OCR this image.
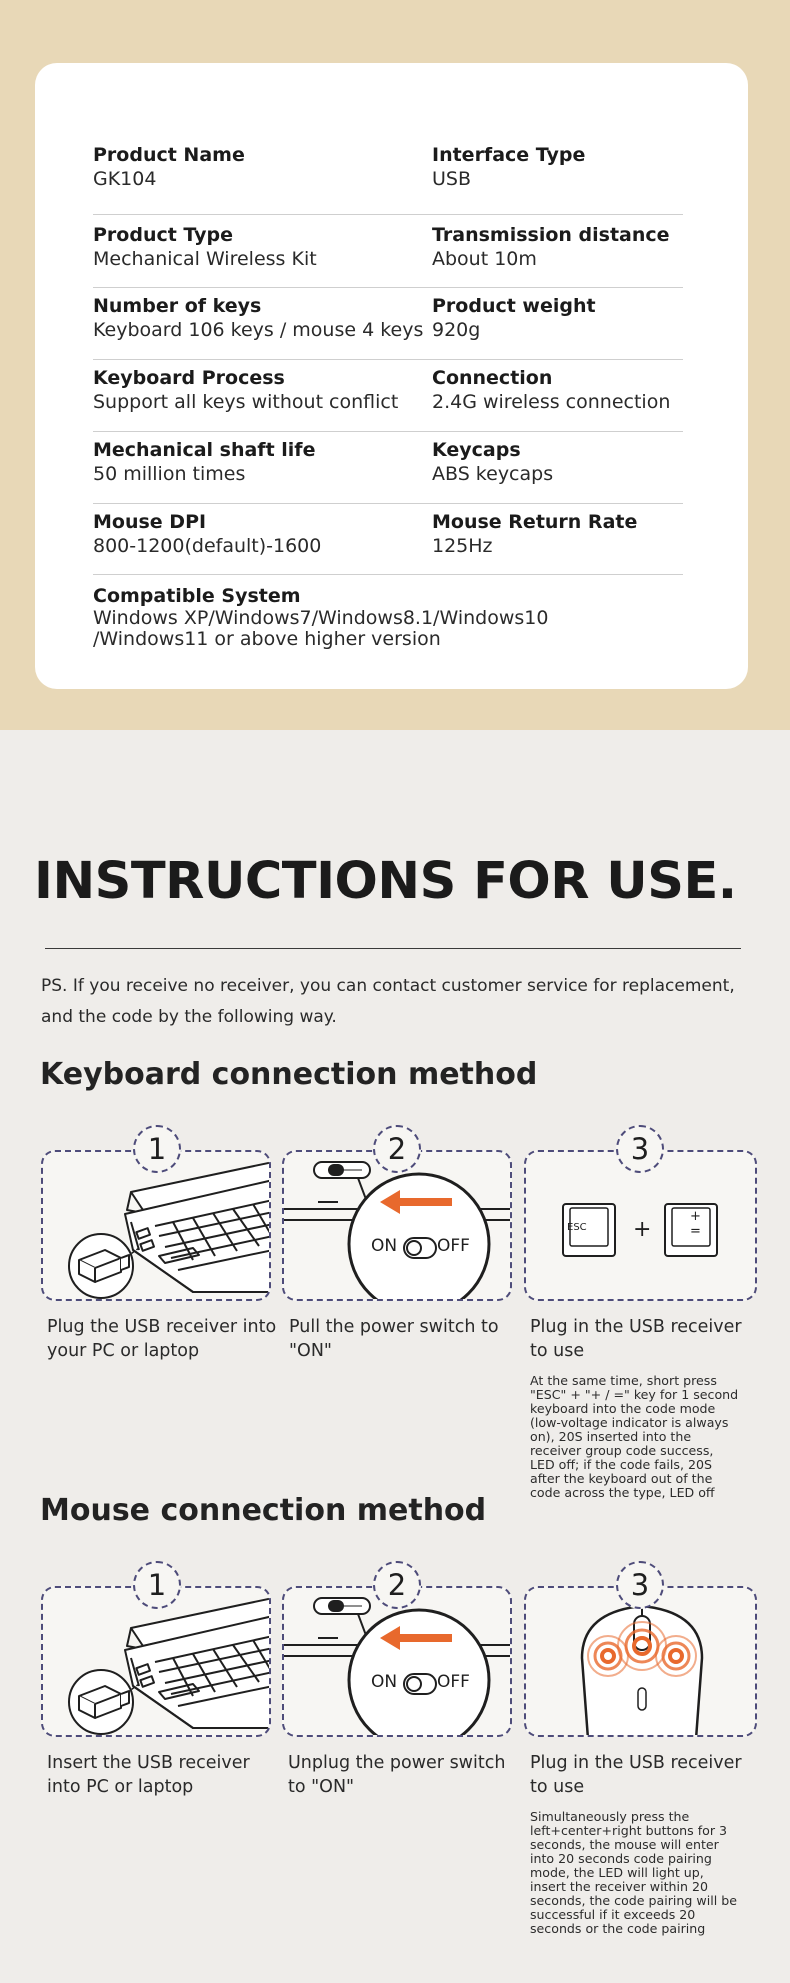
Product Name
GK104
Interface Type
USB
Product Type
Mechanical Wireless Kit
Transmission distance
About 10m
Number of keys
Keyboard 106 keys / mouse 4 keys
Product weight
920g
Keyboard Process
Support all keys without conflict
Connection
2.4G wireless connection
Mechanical shaft life
50 million times
Keycaps
ABS keycaps
Mouse DPI
800-1200(default)-1600
Mouse Return Rate
125Hz
Compatible System
Windows XP/Windows7/Windows8.1/Windows10 /Windows11 or above higher version
INSTRUCTIONS FOR USE.
PS. If you receive no receiver, you can contact customer service for replacement, and the code by the following way.
Keyboard connection method
1
Plug the USB receiver into your PC or laptop
2
ON OFF
Pull the power switch to "ON"
ESC +
+
=
3
Plug in the USB receiver to use
At the same time, short press "ESC" + "+ / =" key for 1 second keyboard into the code mode (low-voltage indicator is always on), 20S inserted into the receiver group code success, LED off; if the code fails, 20S after the keyboard out of the code across the type, LED off
Mouse connection method
1
Insert the USB receiver into PC or laptop
2
ON OFF
Unplug the power switch to "ON"
3
Plug in the USB receiver to use
Simultaneously press the left+center+right buttons for 3 seconds, the mouse will enter into 20 seconds code pairing mode, the LED will light up, insert the receiver within 20 seconds, the code pairing will be successful if it exceeds 20 seconds or the code pairing
